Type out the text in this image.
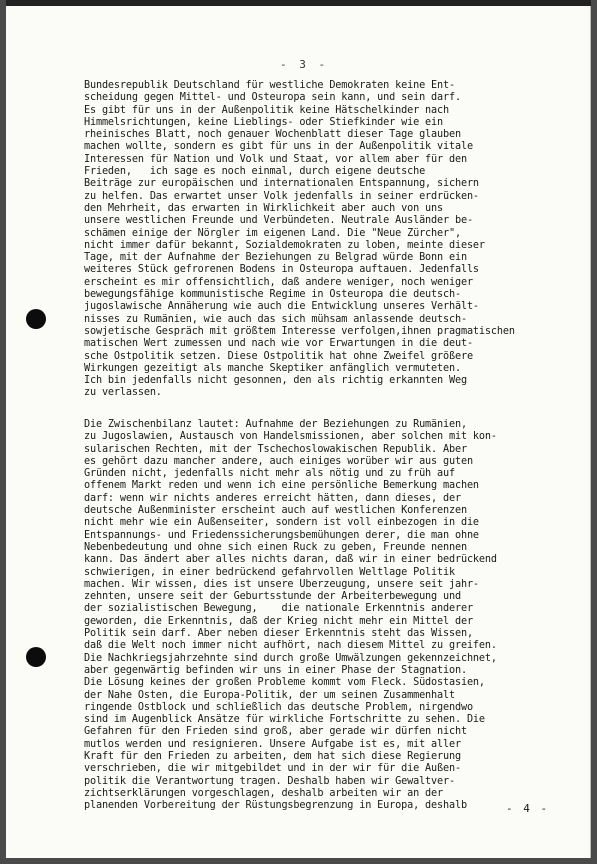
- 3 -
Bundesrepublik Deutschland für westliche Demokraten keine Ent-
scheidung gegen Mittel- und Osteuropa sein kann, und sein darf.
Es gibt für uns in der Außenpolitik keine Hätschelkinder nach
Himmelsrichtungen, keine Lieblings- oder Stiefkinder wie ein
rheinisches Blatt, noch genauer Wochenblatt dieser Tage glauben
machen wollte, sondern es gibt für uns in der Außenpolitik vitale
Interessen für Nation und Volk und Staat, vor allem aber für den
Frieden,   ich sage es noch einmal, durch eigene deutsche
Beiträge zur europäischen und internationalen Entspannung, sichern
zu helfen. Das erwartet unser Volk jedenfalls in seiner erdrücken-
den Mehrheit, das erwarten in Wirklichkeit aber auch von uns
unsere westlichen Freunde und Verbündeten. Neutrale Ausländer be-
schämen einige der Nörgler im eigenen Land. Die "Neue Zürcher",
nicht immer dafür bekannt, Sozialdemokraten zu loben, meinte dieser
Tage, mit der Aufnahme der Beziehungen zu Belgrad würde Bonn ein
weiteres Stück gefrorenen Bodens in Osteuropa auftauen. Jedenfalls
erscheint es mir offensichtlich, daß andere weniger, noch weniger
bewegungsfähige kommunistische Regime in Osteuropa die deutsch-
jugoslawische Annäherung wie auch die Entwicklung unseres Verhält-
nisses zu Rumänien, wie auch das sich mühsam anlassende deutsch-
sowjetische Gespräch mit größtem Interesse verfolgen,ihnen pragmatischen
matischen Wert zumessen und nach wie vor Erwartungen in die deut-
sche Ostpolitik setzen. Diese Ostpolitik hat ohne Zweifel größere
Wirkungen gezeitigt als manche Skeptiker anfänglich vermuteten.
Ich bin jedenfalls nicht gesonnen, den als richtig erkannten Weg
zu verlassen.
Die Zwischenbilanz lautet: Aufnahme der Beziehungen zu Rumänien,
zu Jugoslawien, Austausch von Handelsmissionen, aber solchen mit kon-
sularischen Rechten, mit der Tschechoslowakischen Republik. Aber
es gehört dazu mancher andere, auch einiges worüber wir aus guten
Gründen nicht, jedenfalls nicht mehr als nötig und zu früh auf
offenem Markt reden und wenn ich eine persönliche Bemerkung machen
darf: wenn wir nichts anderes erreicht hätten, dann dieses, der
deutsche Außenminister erscheint auch auf westlichen Konferenzen
nicht mehr wie ein Außenseiter, sondern ist voll einbezogen in die
Entspannungs- und Friedenssicherungsbemühungen derer, die man ohne
Nebenbedeutung und ohne sich einen Ruck zu geben, Freunde nennen
kann. Das ändert aber alles nichts daran, daß wir in einer bedrückend
schwierigen, in einer bedrückend gefahrvollen Weltlage Politik
machen. Wir wissen, dies ist unsere Überzeugung, unsere seit jahr-
zehnten, unsere seit der Geburtsstunde der Arbeiterbewegung und
der sozialistischen Bewegung,    die nationale Erkenntnis anderer
geworden, die Erkenntnis, daß der Krieg nicht mehr ein Mittel der
Politik sein darf. Aber neben dieser Erkenntnis steht das Wissen,
daß die Welt noch immer nicht aufhört, nach diesem Mittel zu greifen.
Die Nachkriegsjahrzehnte sind durch große Umwälzungen gekennzeichnet,
aber gegenwärtig befinden wir uns in einer Phase der Stagnation.
Die Lösung keines der großen Probleme kommt vom Fleck. Südostasien,
der Nahe Osten, die Europa-Politik, der um seinen Zusammenhalt
ringende Ostblock und schließlich das deutsche Problem, nirgendwo
sind im Augenblick Ansätze für wirkliche Fortschritte zu sehen. Die
Gefahren für den Frieden sind groß, aber gerade wir dürfen nicht
mutlos werden und resignieren. Unsere Aufgabe ist es, mit aller
Kraft für den Frieden zu arbeiten, dem hat sich diese Regierung
verschrieben, die wir mitgebildet und in der wir für die Außen-
politik die Verantwortung tragen. Deshalb haben wir Gewaltver-
zichtserklärungen vorgeschlagen, deshalb arbeiten wir an der
planenden Vorbereitung der Rüstungsbegrenzung in Europa, deshalb	- 4 -
